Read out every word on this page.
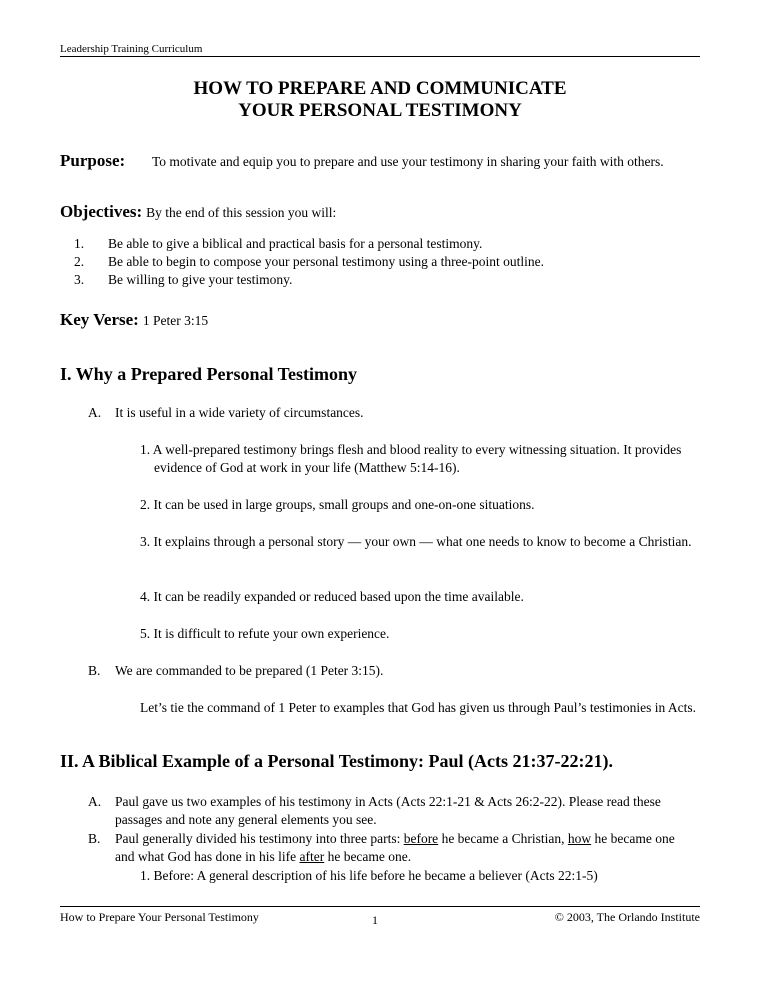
Leadership Training Curriculum
HOW TO PREPARE AND COMMUNICATE
YOUR PERSONAL TESTIMONY
Purpose: To motivate and equip you to prepare and use your testimony in sharing your faith with others.
Objectives: By the end of this session you will:
1. Be able to give a biblical and practical basis for a personal testimony.
2. Be able to begin to compose your personal testimony using a three-point outline.
3. Be willing to give your testimony.
Key Verse: 1 Peter 3:15
I. Why a Prepared Personal Testimony
A. It is useful in a wide variety of circumstances.
1. A well-prepared testimony brings flesh and blood reality to every witnessing situation. It provides evidence of God at work in your life (Matthew 5:14-16).
2. It can be used in large groups, small groups and one-on-one situations.
3. It explains through a personal story — your own — what one needs to know to become a Christian.
4. It can be readily expanded or reduced based upon the time available.
5. It is difficult to refute your own experience.
B. We are commanded to be prepared (1 Peter 3:15).
Let’s tie the command of 1 Peter to examples that God has given us through Paul’s testimonies in Acts.
II. A Biblical Example of a Personal Testimony: Paul (Acts 21:37-22:21).
A. Paul gave us two examples of his testimony in Acts (Acts 22:1-21 & Acts 26:2-22). Please read these passages and note any general elements you see.
B. Paul generally divided his testimony into three parts: before he became a Christian, how he became one and what God has done in his life after he became one.
1. Before: A general description of his life before he became a believer (Acts 22:1-5)
How to Prepare Your Personal Testimony	1	© 2003, The Orlando Institute
